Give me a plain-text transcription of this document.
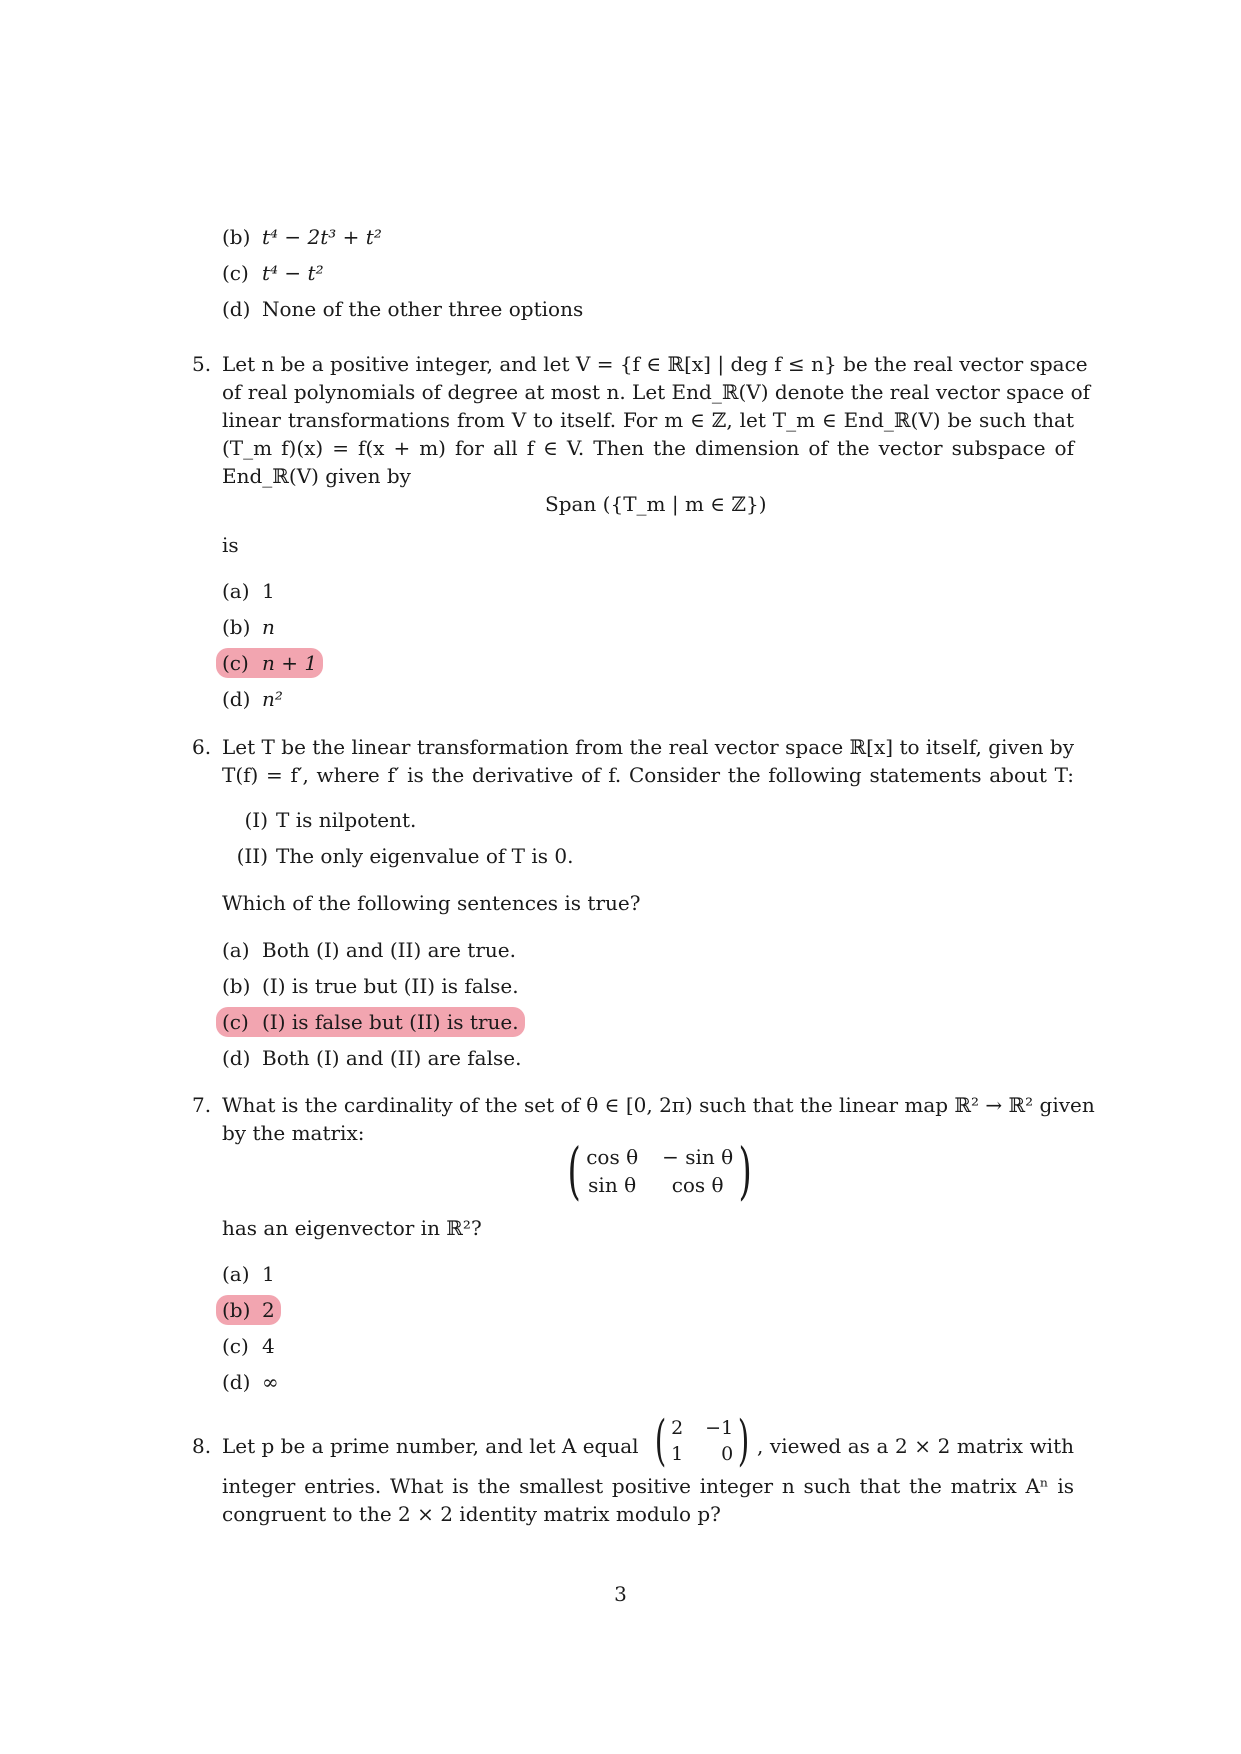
(b) t⁴ − 2t³ + t²
(c) t⁴ − t²
(d) None of the other three options
5. Let n be a positive integer, and let V = {f ∈ ℝ[x] | deg f ≤ n} be the real vector space
of real polynomials of degree at most n. Let End_ℝ(V) denote the real vector space of
linear transformations from V to itself. For m ∈ ℤ, let T_m ∈ End_ℝ(V) be such that
(T_m f)(x) = f(x + m) for all f ∈ V. Then the dimension of the vector subspace of
End_ℝ(V) given by
Span ({T_m | m ∈ ℤ})
is
(a) 1
(b) n
(c) n + 1
(d) n²
6. Let T be the linear transformation from the real vector space ℝ[x] to itself, given by
T(f) = f′, where f′ is the derivative of f. Consider the following statements about T:
(I) T is nilpotent.
(II) The only eigenvalue of T is 0.
Which of the following sentences is true?
(a) Both (I) and (II) are true.
(b) (I) is true but (II) is false.
(c) (I) is false but (II) is true.
(d) Both (I) and (II) are false.
7. What is the cardinality of the set of θ ∈ [0, 2π) such that the linear map ℝ² → ℝ² given
by the matrix:
( cos θ − sin θ
sin θ	cos θ )
has an eigenvector in ℝ²?
(a) 1
(b) 2
(c) 4
(d) ∞
8. Let p be a prime number, and let A equal ( 2 −1
1	0 ) , viewed as a 2 × 2 matrix with
integer entries. What is the smallest positive integer n such that the matrix Aⁿ is
congruent to the 2 × 2 identity matrix modulo p?
3
